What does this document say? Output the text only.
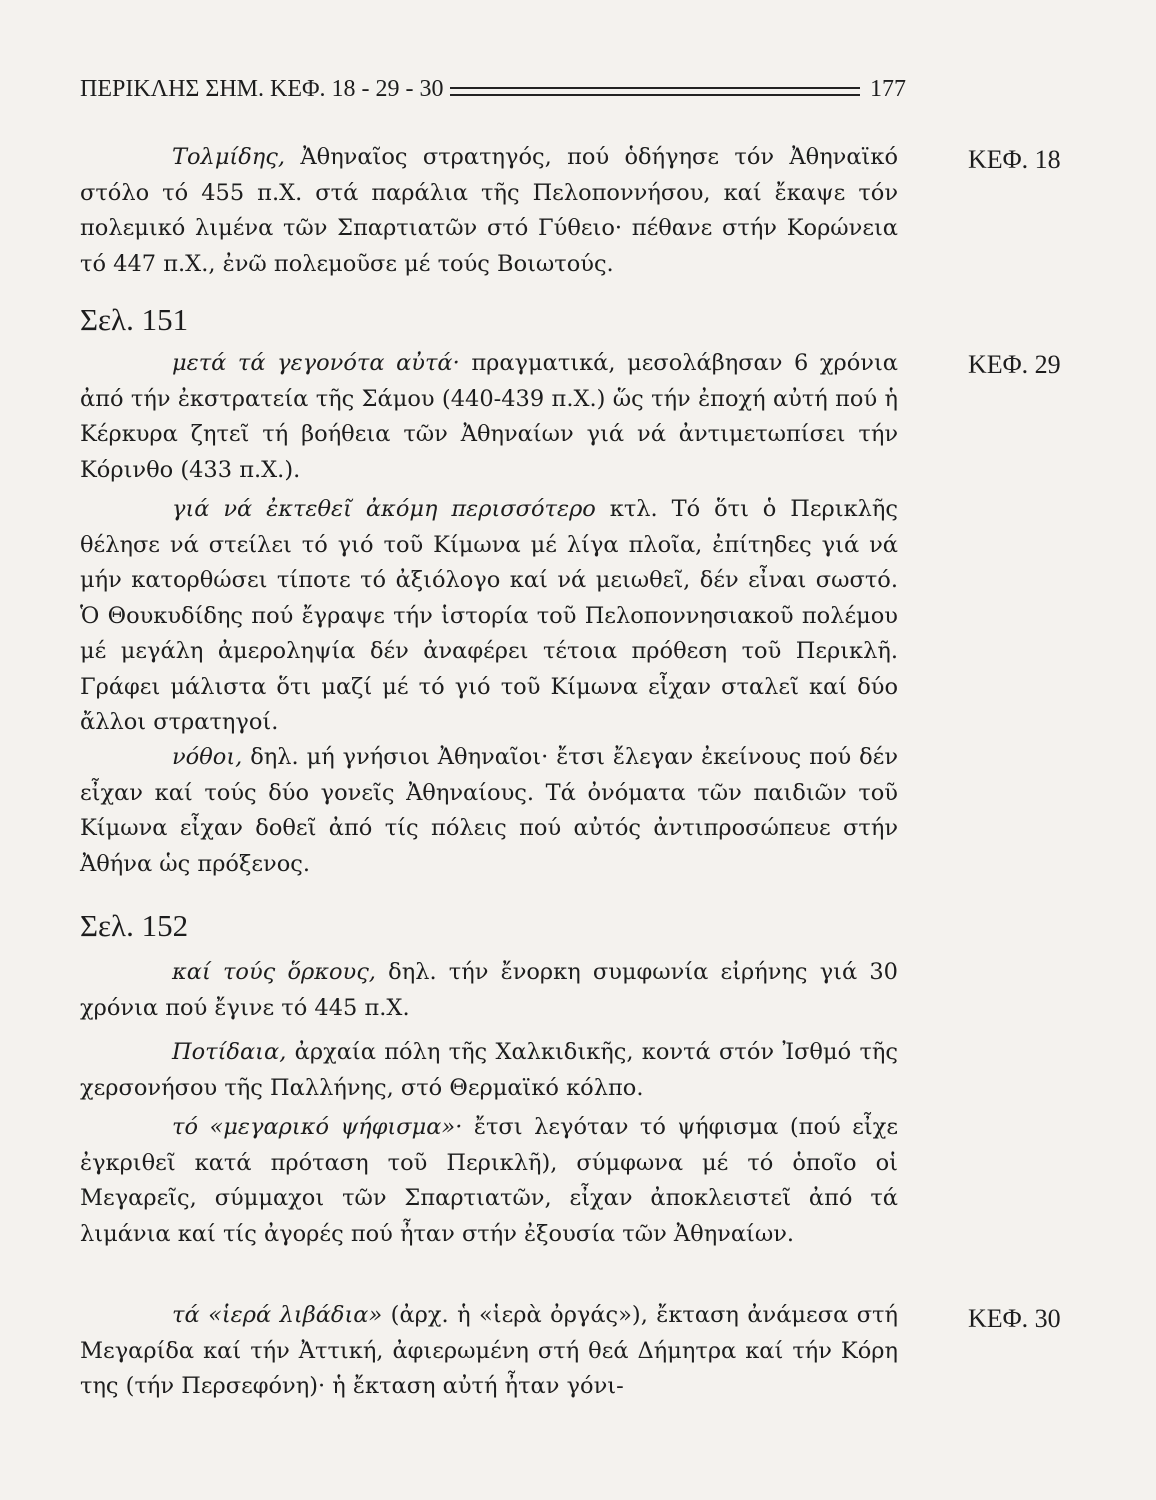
ΠΕΡΙΚΛΗΣ ΣΗΜ. ΚΕΦ. 18 - 29 - 30	177
ΚΕΦ. 18
ΚΕΦ. 29
ΚΕΦ. 30

Τολμίδης, Ἀθηναῖος στρατηγός, πού ὁδήγησε τόν Ἀθηναϊκό στόλο τό 455 π.Χ. στά παράλια τῆς Πελοποννήσου, καί ἔκαψε τόν πολεμικό λιμένα τῶν Σπαρτιατῶν στό Γύθειο· πέθανε στήν Κορώνεια τό 447 π.Χ., ἐνῶ πολεμοῦσε μέ τούς Βοιωτούς.

Σελ. 151

μετά τά γεγονότα αὐτά· πραγματικά, μεσολάβησαν 6 χρόνια ἀπό τήν ἐκστρατεία τῆς Σάμου (440-439 π.Χ.) ὥς τήν ἐποχή αὐτή πού ἡ Κέρκυρα ζητεῖ τή βοήθεια τῶν Ἀθηναίων γιά νά ἀντιμετωπίσει τήν Κόρινθο (433 π.Χ.).

γιά νά ἐκτεθεῖ ἀκόμη περισσότερο κτλ. Τό ὅτι ὁ Περικλῆς θέλησε νά στείλει τό γιό τοῦ Κίμωνα μέ λίγα πλοῖα, ἐπίτηδες γιά νά μήν κατορθώσει τίποτε τό ἀξιόλογο καί νά μειωθεῖ, δέν εἶναι σωστό. Ὁ Θουκυδίδης πού ἔγραψε τήν ἱστορία τοῦ Πελοποννησιακοῦ πολέμου μέ μεγάλη ἀμεροληψία δέν ἀναφέρει τέτοια πρόθεση τοῦ Περικλῆ. Γράφει μάλιστα ὅτι μαζί μέ τό γιό τοῦ Κίμωνα εἶχαν σταλεῖ καί δύο ἄλλοι στρατηγοί.

νόθοι, δηλ. μή γνήσιοι Ἀθηναῖοι· ἔτσι ἔλεγαν ἐκείνους πού δέν εἶχαν καί τούς δύο γονεῖς Ἀθηναίους. Τά ὀνόματα τῶν παιδιῶν τοῦ Κίμωνα εἶχαν δοθεῖ ἀπό τίς πόλεις πού αὐτός ἀντιπροσώπευε στήν Ἀθήνα ὡς πρόξενος.

Σελ. 152

καί τούς ὅρκους, δηλ. τήν ἔνορκη συμφωνία εἰρήνης γιά 30 χρόνια πού ἔγινε τό 445 π.Χ.

Ποτίδαια, ἀρχαία πόλη τῆς Χαλκιδικῆς, κοντά στόν Ἰσθμό τῆς χερσονήσου τῆς Παλλήνης, στό Θερμαϊκό κόλπο.

τό «μεγαρικό ψήφισμα»· ἔτσι λεγόταν τό ψήφισμα (πού εἶχε ἐγκριθεῖ κατά πρόταση τοῦ Περικλῆ), σύμφωνα μέ τό ὁποῖο οἱ Μεγαρεῖς, σύμμαχοι τῶν Σπαρτιατῶν, εἶχαν ἀποκλειστεῖ ἀπό τά λιμάνια καί τίς ἀγορές πού ἦταν στήν ἐξουσία τῶν Ἀθηναίων.

τά «ἱερά λιβάδια» (ἀρχ. ἡ «ἱερὰ ὀργάς»), ἔκταση ἀνάμεσα στή Μεγαρίδα καί τήν Ἀττική, ἀφιερωμένη στή θεά Δήμητρα καί τήν Κόρη της (τήν Περσεφόνη)· ἡ ἔκταση αὐτή ἦταν γόνι-
